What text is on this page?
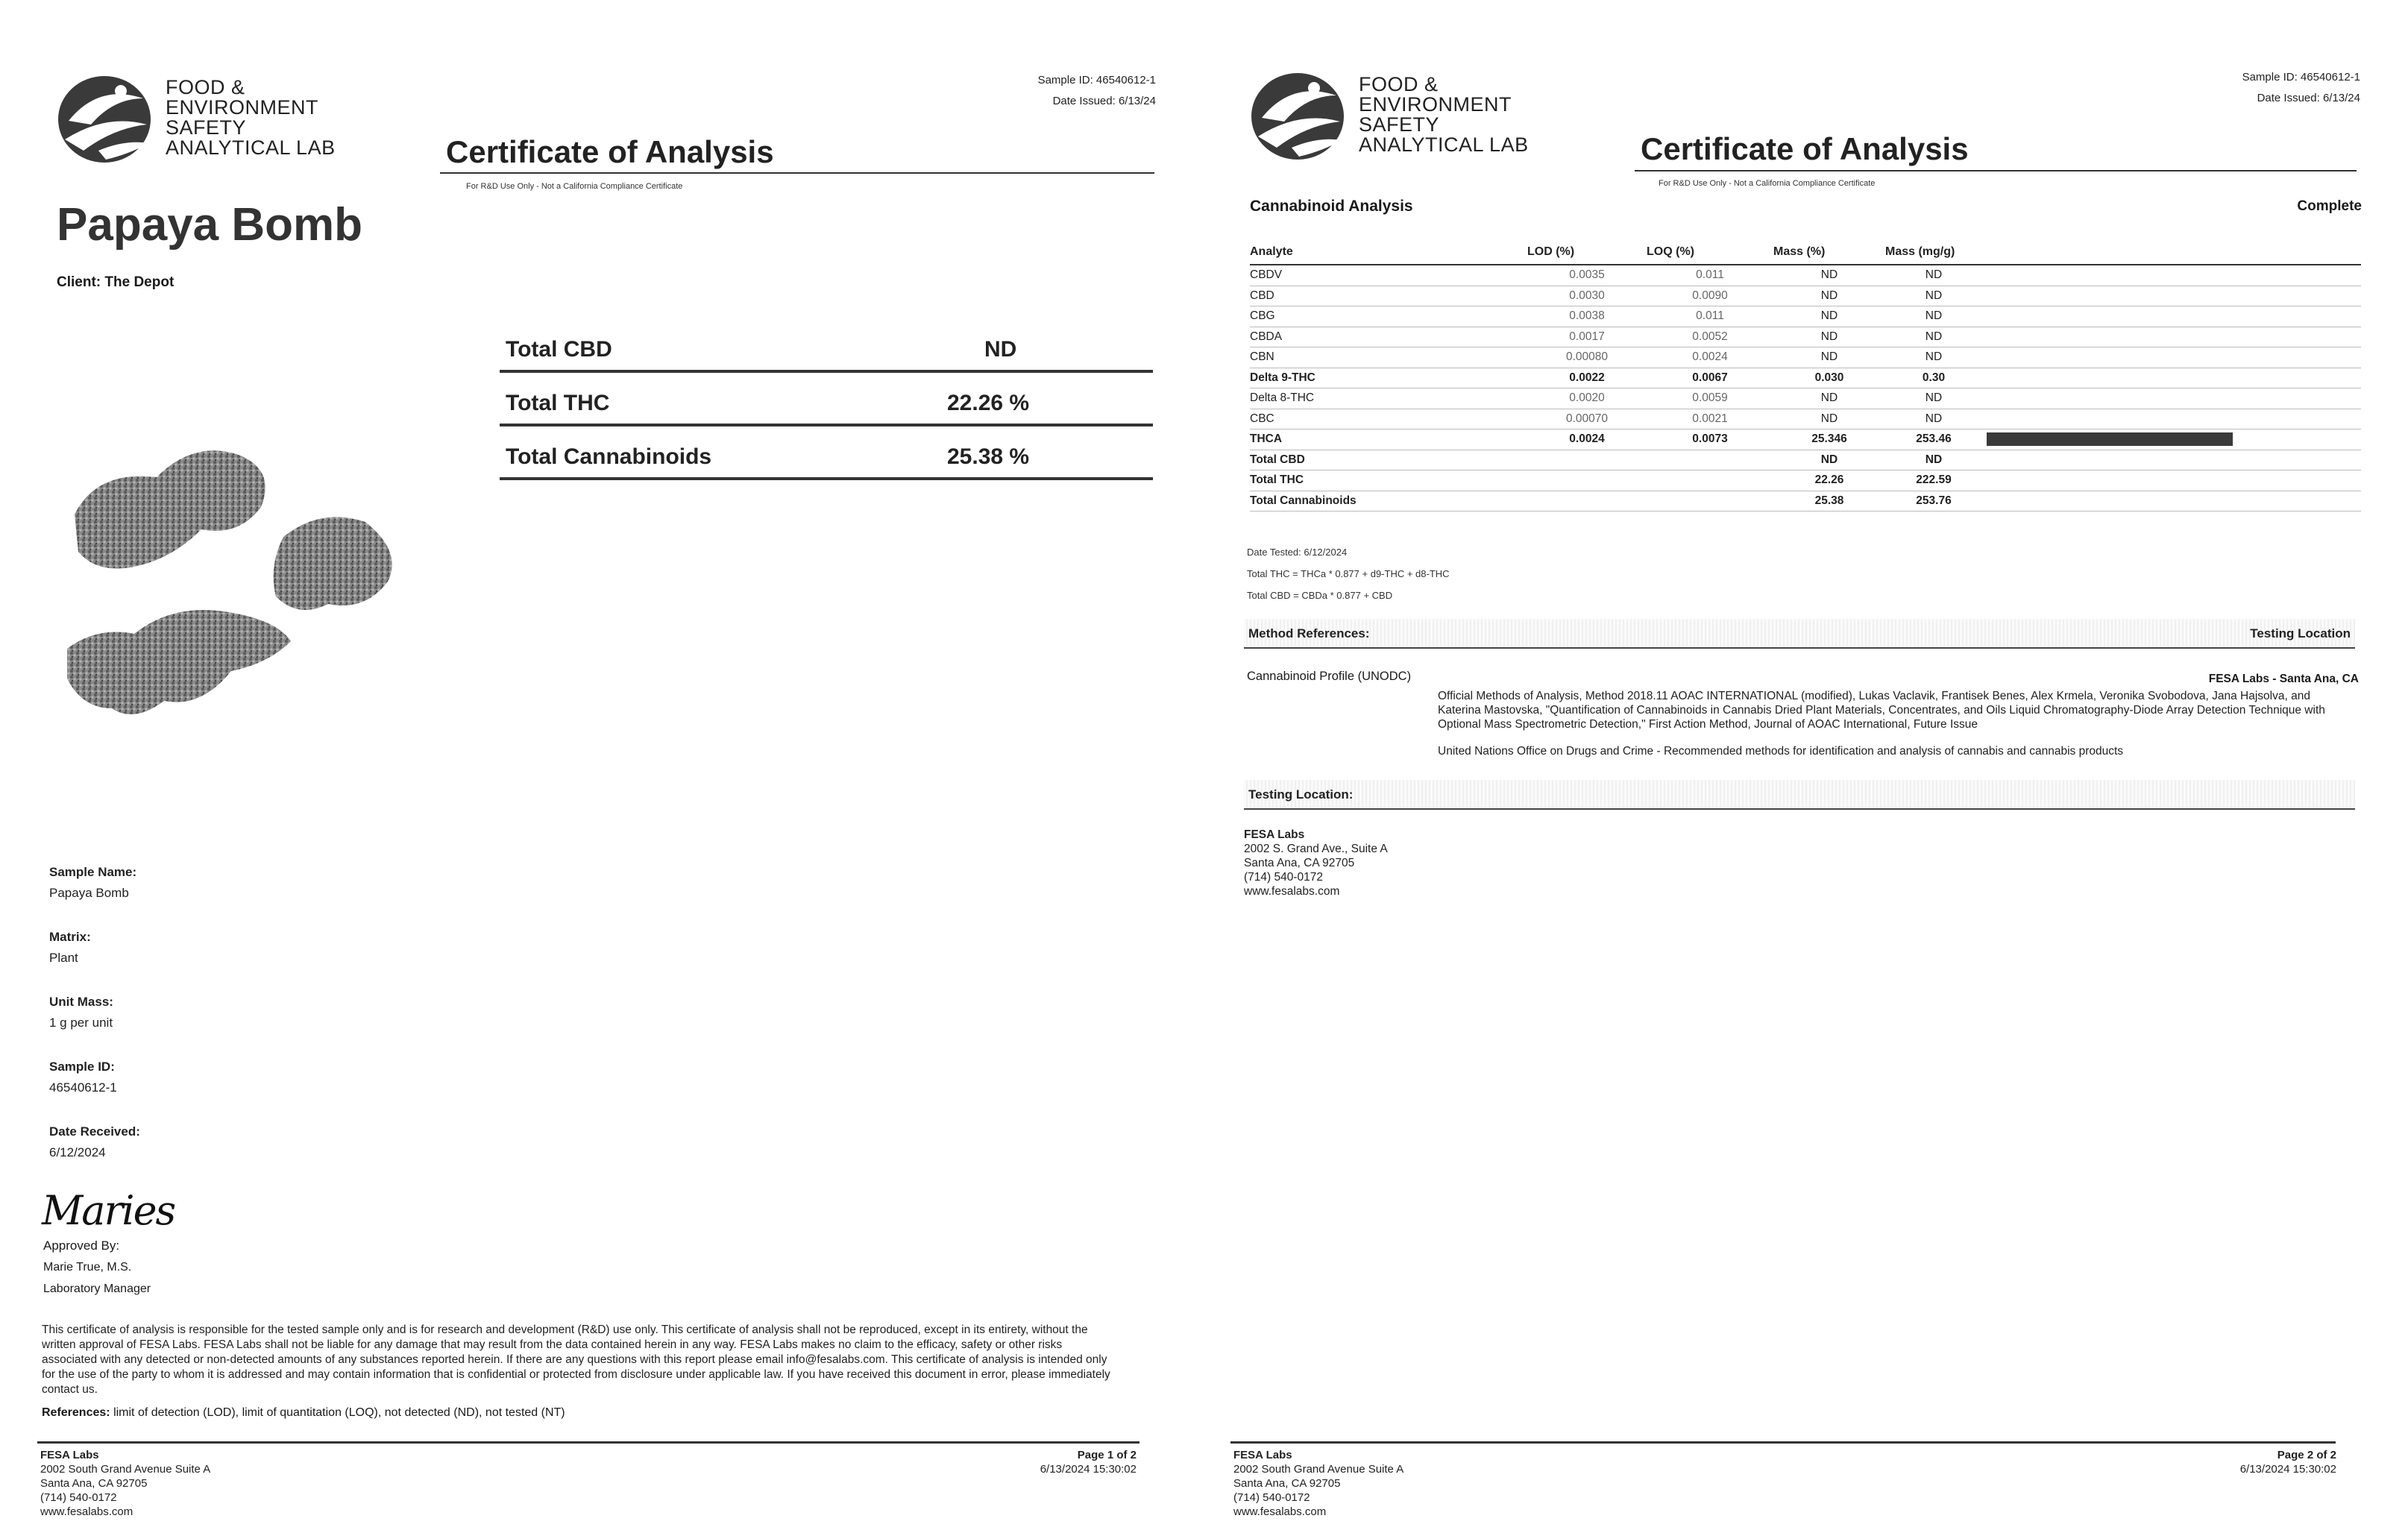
FOOD &
ENVIRONMENT
SAFETY
ANALYTICAL LAB
Sample ID: 46540612-1
Date Issued: 6/13/24
Certificate of Analysis
For R&D Use Only - Not a California Compliance Certificate
Papaya Bomb
Client: The Depot
Total CBD	ND
Total THC	22.26 %
Total Cannabinoids	25.38 %
Sample Name:
Papaya Bomb
Matrix:
Plant
Unit Mass:
1 g per unit
Sample ID:
46540612-1
Date Received:
6/12/2024
Maries
Approved By:
Marie True, M.S.
Laboratory Manager
This certificate of analysis is responsible for the tested sample only and is for research and development (R&D) use only. This certificate of analysis shall not be reproduced, except in its entirety, without the written approval of FESA Labs. FESA Labs shall not be liable for any damage that may result from the data contained herein in any way. FESA Labs makes no claim to the efficacy, safety or other risks associated with any detected or non-detected amounts of any substances reported herein. If there are any questions with this report please email info@fesalabs.com. This certificate of analysis is intended only for the use of the party to whom it is addressed and may contain information that is confidential or protected from disclosure under applicable law. If you have received this document in error, please immediately contact us.
References: limit of detection (LOD), limit of quantitation (LOQ), not detected (ND), not tested (NT)
FESA Labs
2002 South Grand Avenue Suite A
Santa Ana, CA 92705
(714) 540-0172
www.fesalabs.com
Page 1 of 2
6/13/2024 15:30:02
FOOD &
ENVIRONMENT
SAFETY
ANALYTICAL LAB
Sample ID: 46540612-1
Date Issued: 6/13/24
Certificate of Analysis
For R&D Use Only - Not a California Compliance Certificate
Cannabinoid Analysis	Complete
Analyte	LOD (%)	LOQ (%)	Mass (%)	Mass (mg/g)	
CBDV	0.0035	0.011	ND	ND	
CBD	0.0030	0.0090	ND	ND	
CBG	0.0038	0.011	ND	ND	
CBDA	0.0017	0.0052	ND	ND	
CBN	0.00080	0.0024	ND	ND	
Delta 9-THC	0.0022	0.0067	0.030	0.30	
Delta 8-THC	0.0020	0.0059	ND	ND	
CBC	0.00070	0.0021	ND	ND	
THCA	0.0024	0.0073	25.346	253.46	

Total CBD			ND	ND	
Total THC			22.26	222.59	
Total Cannabinoids			25.38	253.76	
Date Tested: 6/12/2024
Total THC = THCa * 0.877 + d9-THC + d8-THC
Total CBD = CBDa * 0.877 + CBD
Method References:	Testing Location
Cannabinoid Profile (UNODC)	FESA Labs - Santa Ana, CA
Official Methods of Analysis, Method 2018.11 AOAC INTERNATIONAL (modified), Lukas Vaclavik, Frantisek Benes, Alex Krmela, Veronika Svobodova, Jana Hajsolva, and Katerina Mastovska, "Quantification of Cannabinoids in Cannabis Dried Plant Materials, Concentrates, and Oils Liquid Chromatography-Diode Array Detection Technique with Optional Mass Spectrometric Detection," First Action Method, Journal of AOAC International, Future Issue
United Nations Office on Drugs and Crime - Recommended methods for identification and analysis of cannabis and cannabis products
Testing Location:
FESA Labs
2002 S. Grand Ave., Suite A
Santa Ana, CA 92705
(714) 540-0172
www.fesalabs.com
FESA Labs
2002 South Grand Avenue Suite A
Santa Ana, CA 92705
(714) 540-0172
www.fesalabs.com
Page 2 of 2
6/13/2024 15:30:02
